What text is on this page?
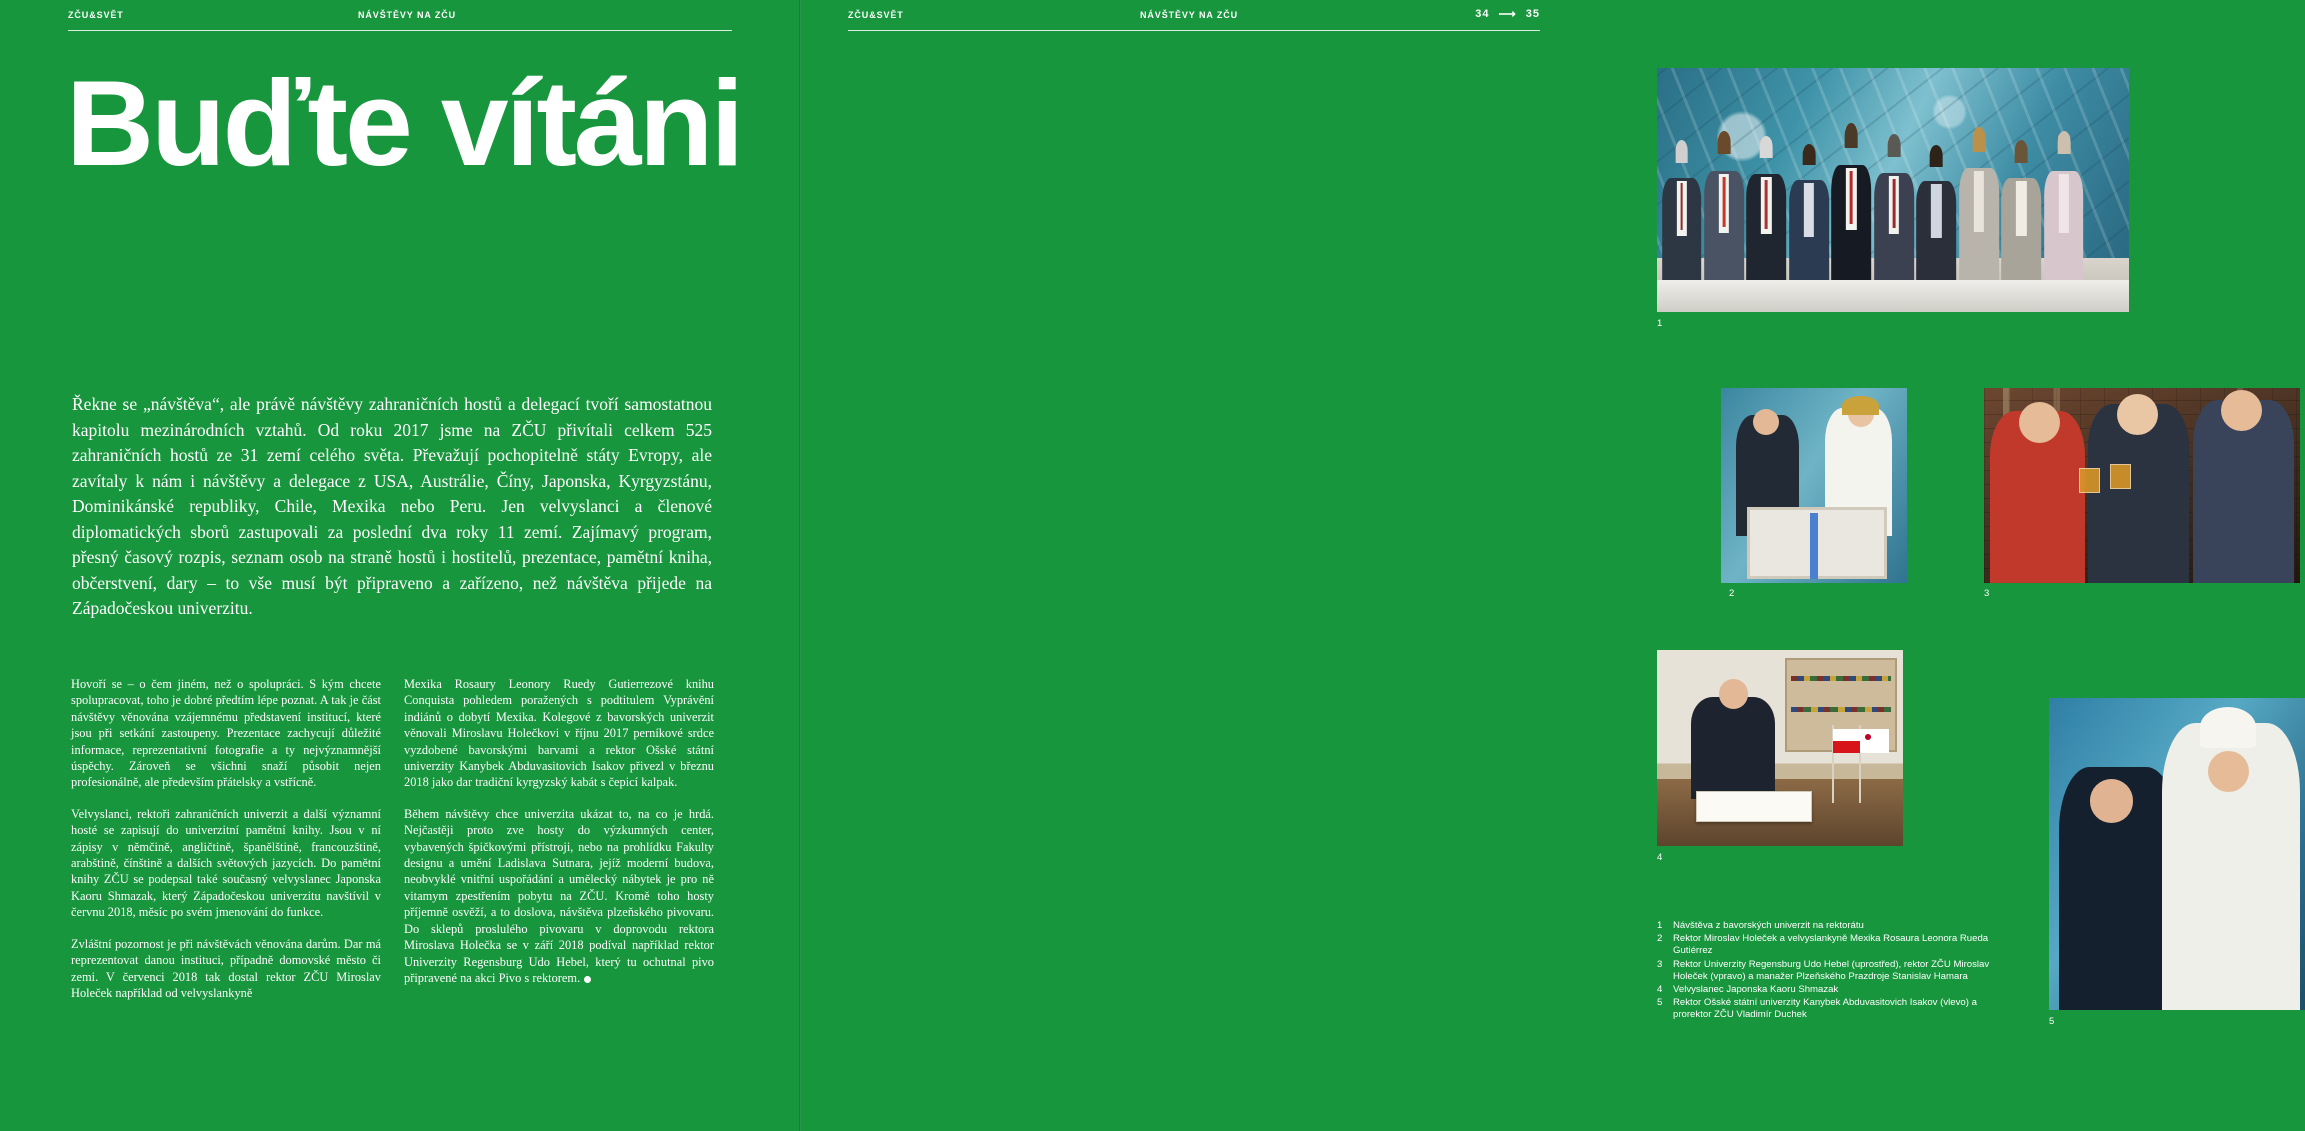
ZČU&SVĚT	NÁVŠTĚVY NA ZČU
Buďte vítáni
Řekne se „návštěva“, ale právě návštěvy zahraničních hostů a delegací tvoří samostatnou kapitolu mezinárodních vztahů. Od roku 2017 jsme na ZČU přivítali celkem 525 zahraničních hostů ze 31 zemí celého světa. Převažují pochopitelně státy Evropy, ale zavítaly k nám i návštěvy a delegace z USA, Austrálie, Číny, Japonska, Kyrgyzstánu, Dominikánské republiky, Chile, Mexika nebo Peru. Jen velvyslanci a členové diplomatických sborů zastupovali za poslední dva roky 11 zemí. Zajímavý program, přesný časový rozpis, seznam osob na straně hostů i hostitelů, prezentace, pamětní kniha, občerstvení, dary – to vše musí být připraveno a zařízeno, než návštěva přijede na Západočeskou univerzitu.

Hovoří se – o čem jiném, než o spolupráci. S kým chcete spolupracovat, toho je dobré předtím lépe poznat. A tak je část návštěvy věnována vzájemnému představení institucí, které jsou při setkání zastoupeny. Prezentace zachycují důležité informace, reprezentativní fotografie a ty nejvýznamnější úspěchy. Zároveň se všichni snaží působit nejen profesionálně, ale především přátelsky a vstřícně.

Velvyslanci, rektoři zahraničních univerzit a další významní hosté se zapisují do univerzitní pamětní knihy. Jsou v ní zápisy v němčině, angličtině, španělštině, francouzštině, arabštině, čínštině a dalších světových jazycích. Do pamětní knihy ZČU se podepsal také současný velvyslanec Japonska Kaoru Shmazak, který Západočeskou univerzitu navštívil v červnu 2018, měsíc po svém jmenování do funkce.

Zvláštní pozornost je při návštěvách věnována darům. Dar má reprezentovat danou instituci, případně domovské město či zemi. V červenci 2018 tak dostal rektor ZČU Miroslav Holeček například od velvyslankyně

Mexika Rosaury Leonory Ruedy Gutierrezové knihu Conquista pohledem poražených s podtitulem Vyprávění indiánů o dobytí Mexika. Kolegové z bavorských univerzit věnovali Miroslavu Holečkovi v říjnu 2017 perníkové srdce vyzdobené bavorskými barvami a rektor Ošské státní univerzity Kanybek Abduvasitovich Isakov přivezl v březnu 2018 jako dar tradiční kyrgyzský kabát s čepicí kalpak.

Během návštěvy chce univerzita ukázat to, na co je hrdá. Nejčastěji proto zve hosty do výzkumných center, vybavených špičkovými přístroji, nebo na prohlídku Fakulty designu a umění Ladislava Sutnara, jejíž moderní budova, neobvyklé vnitřní uspořádání a umělecký nábytek je pro ně vitamym zpestřením pobytu na ZČU. Kromě toho hosty příjemně osvěží, a to doslova, návštěva plzeňského pivovaru. Do sklepů proslulého pivovaru v doprovodu rektora Miroslava Holečka se v září 2018 podíval například rektor Univerzity Regensburg Udo Hebel, který tu ochutnal pivo připravené na akci Pivo s rektorem.

ZČU&SVĚT	NÁVŠTĚVY NA ZČU	34 ⟶ 35
1
2	3
4
5
1	Návštěva z bavorských univerzit na rektorátu
2	Rektor Miroslav Holeček a velvyslankyně Mexika Rosaura Leonora Rueda Gutiérrez
3	Rektor Univerzity Regensburg Udo Hebel (uprostřed), rektor ZČU Miroslav Holeček (vpravo) a manažer Plzeňského Prazdroje Stanislav Hamara
4	Velvyslanec Japonska Kaoru Shmazak
5	Rektor Ošské státní univerzity Kanybek Abduvasitovich Isakov (vlevo) a prorektor ZČU Vladimír Duchek
